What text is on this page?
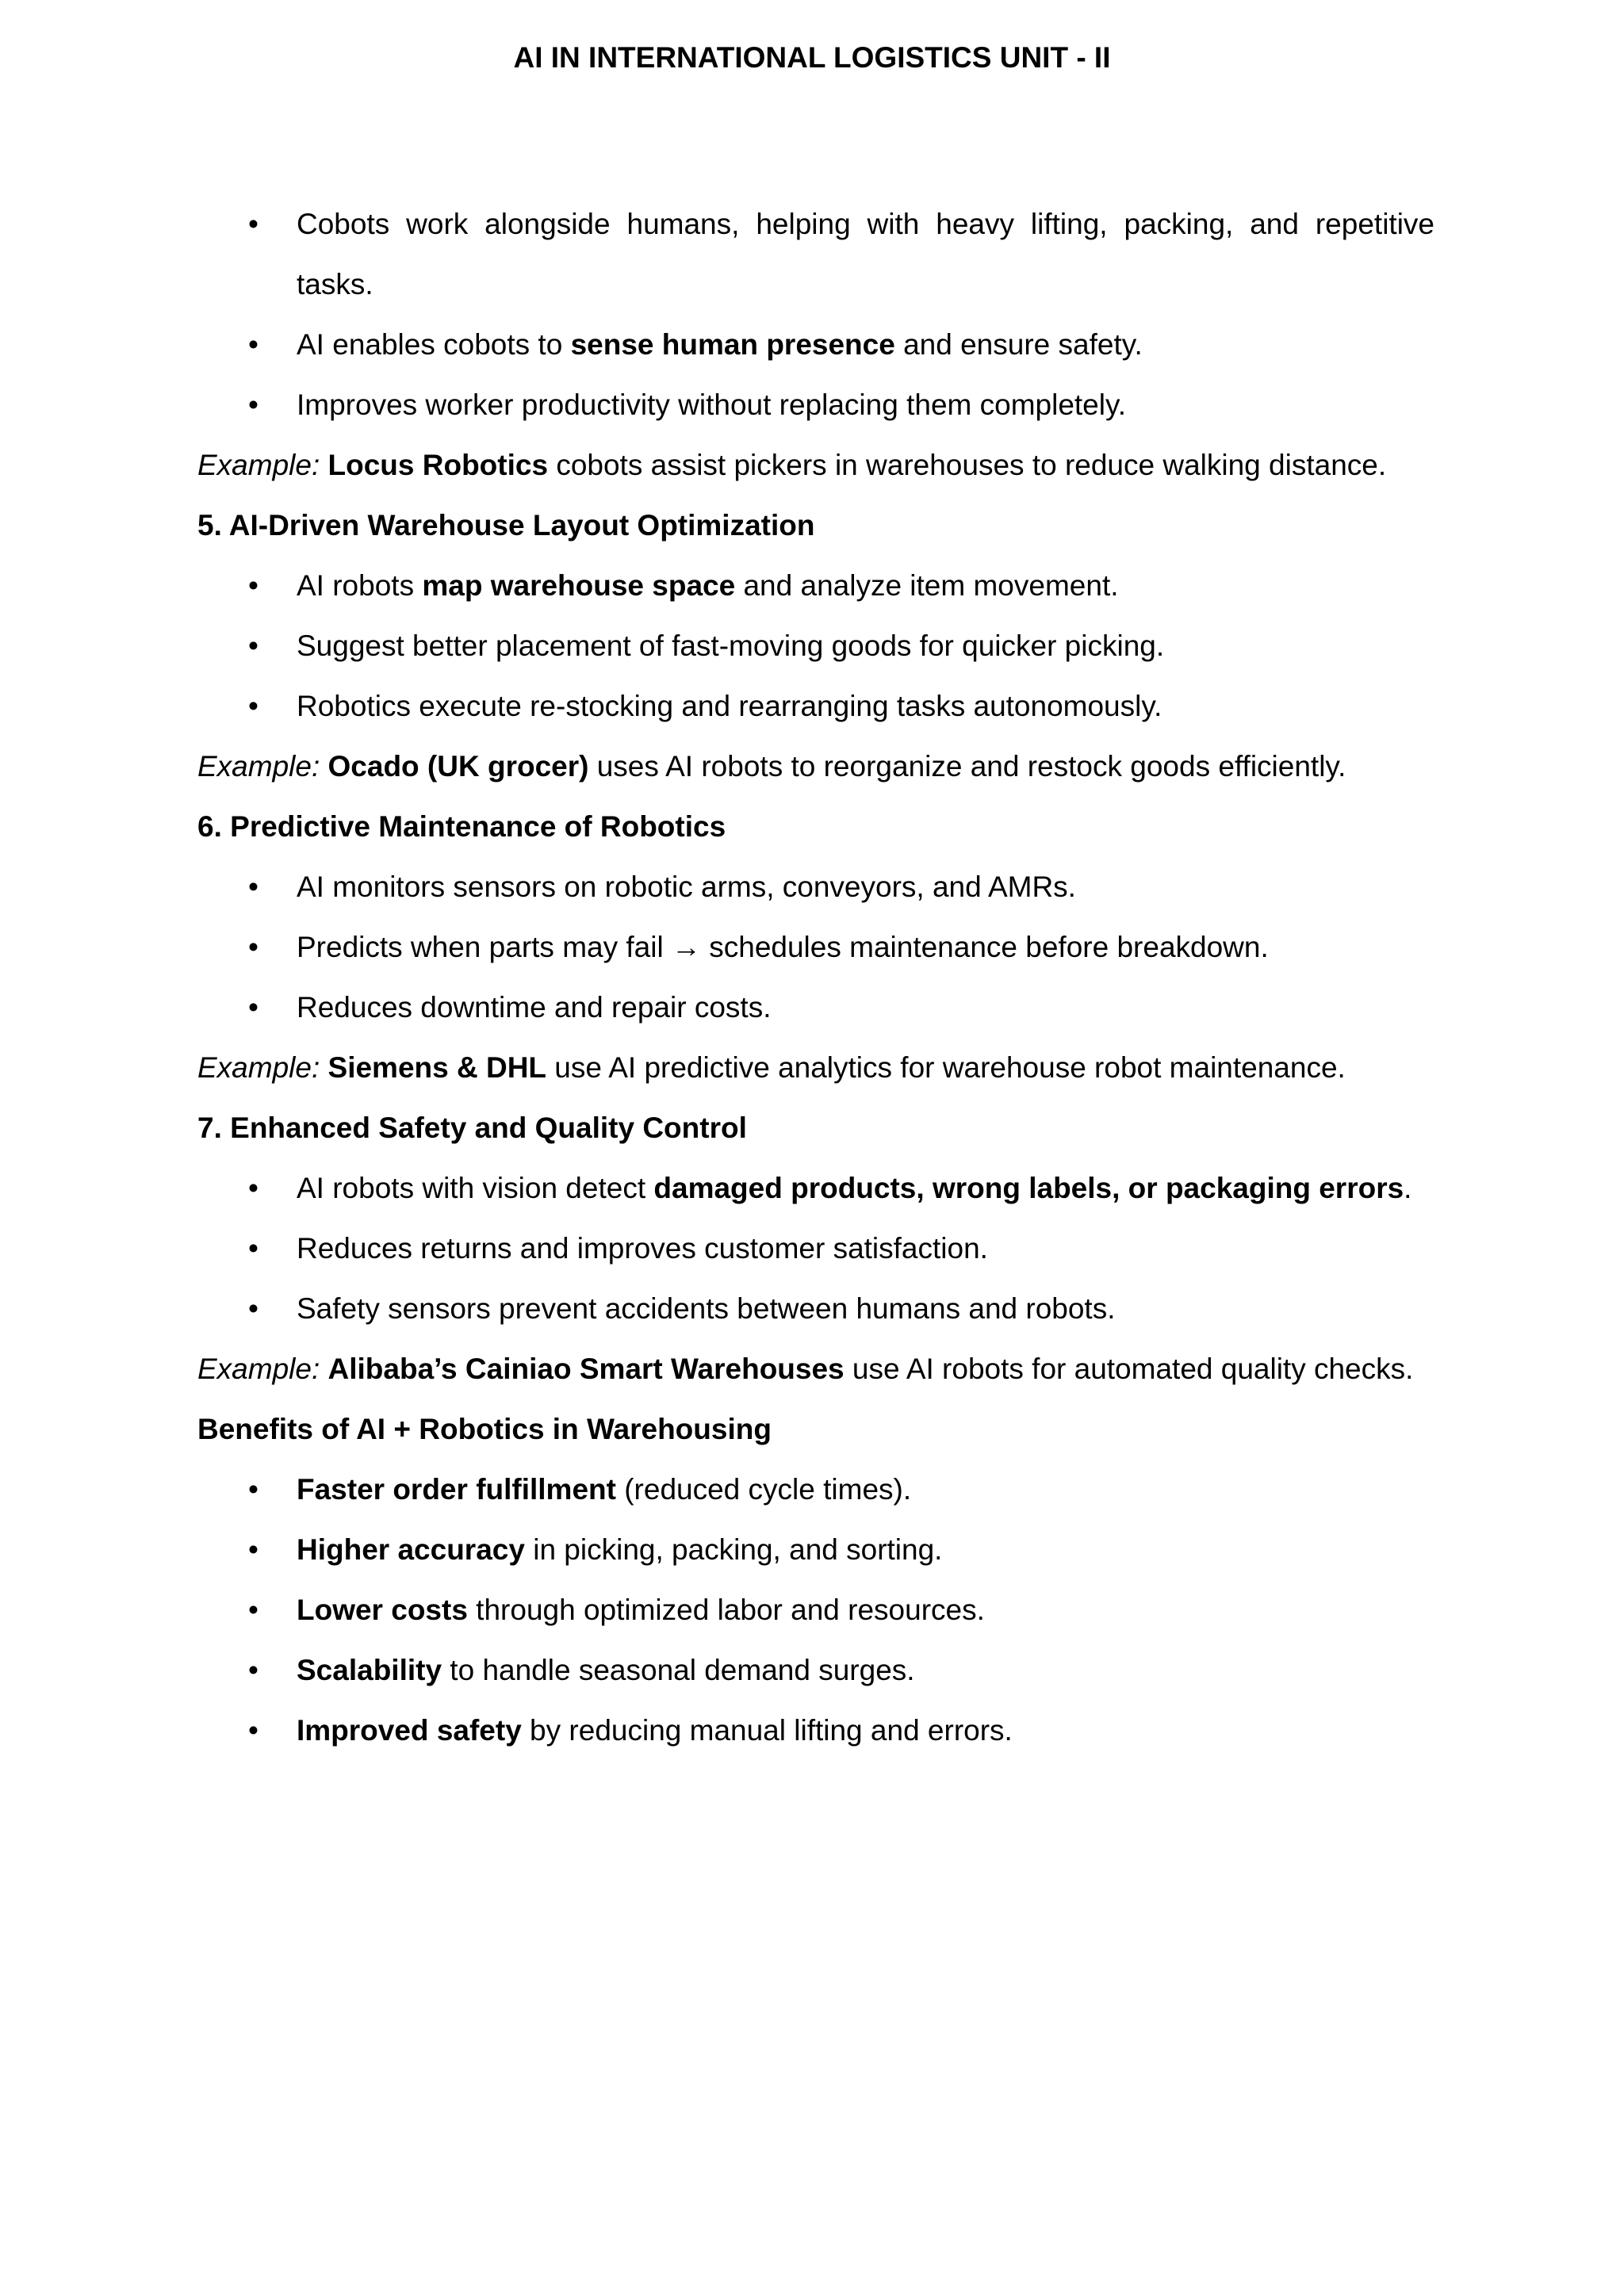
AI IN INTERNATIONAL LOGISTICS UNIT - II
• Cobots work alongside humans, helping with heavy lifting, packing, and repetitive tasks.
• AI enables cobots to sense human presence and ensure safety.
• Improves worker productivity without replacing them completely.

Example: Locus Robotics cobots assist pickers in warehouses to reduce walking distance.

5. AI-Driven Warehouse Layout Optimization

• AI robots map warehouse space and analyze item movement.
• Suggest better placement of fast-moving goods for quicker picking.
• Robotics execute re-stocking and rearranging tasks autonomously.

Example: Ocado (UK grocer) uses AI robots to reorganize and restock goods efficiently.

6. Predictive Maintenance of Robotics

• AI monitors sensors on robotic arms, conveyors, and AMRs.
• Predicts when parts may fail → schedules maintenance before breakdown.
• Reduces downtime and repair costs.

Example: Siemens & DHL use AI predictive analytics for warehouse robot maintenance.

7. Enhanced Safety and Quality Control

• AI robots with vision detect damaged products, wrong labels, or packaging errors.
• Reduces returns and improves customer satisfaction.
• Safety sensors prevent accidents between humans and robots.

Example: Alibaba’s Cainiao Smart Warehouses use AI robots for automated quality checks.

Benefits of AI + Robotics in Warehousing

• Faster order fulfillment (reduced cycle times).
• Higher accuracy in picking, packing, and sorting.
• Lower costs through optimized labor and resources.
• Scalability to handle seasonal demand surges.
• Improved safety by reducing manual lifting and errors.
